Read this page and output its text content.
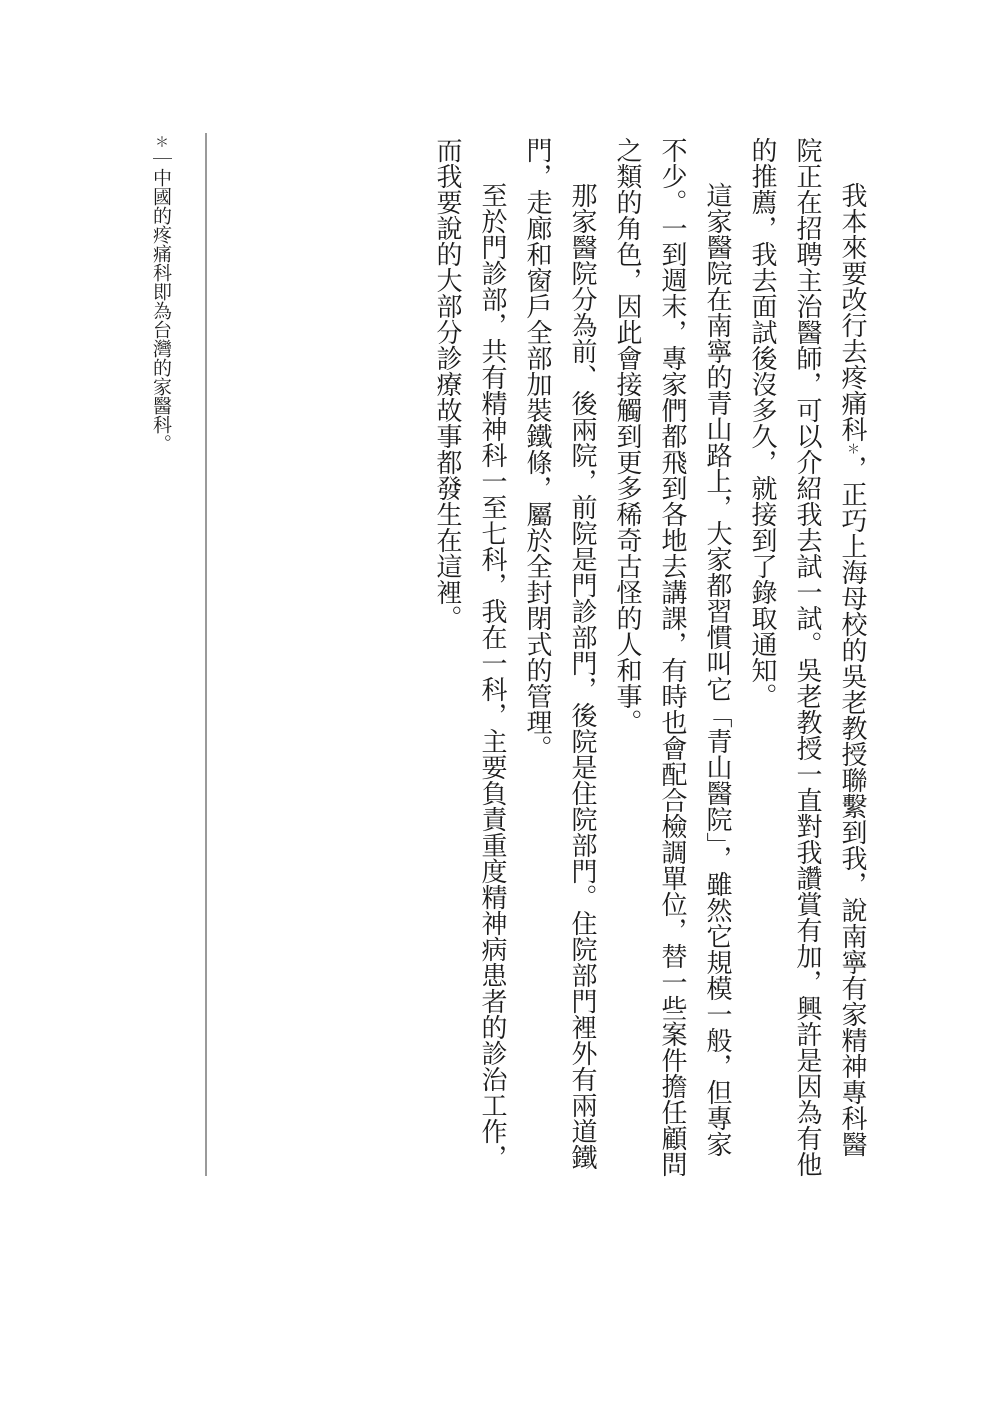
我本來要改行去疼痛科＊，正巧上海母校的吳老教授聯繫到我，說南寧有家精神專科醫院正在招聘主治醫師，可以介紹我去試一試。吳老教授一直對我讚賞有加，興許是因為有他的推薦，我去面試後沒多久，就接到了錄取通知。

這家醫院在南寧的青山路上，大家都習慣叫它「青山醫院」，雖然它規模一般，但專家不少。一到週末，專家們都飛到各地去講課，有時也會配合檢調單位，替一些案件擔任顧問之類的角色，因此會接觸到更多稀奇古怪的人和事。

那家醫院分為前、後兩院，前院是門診部門，後院是住院部門。住院部門裡外有兩道鐵門，走廊和窗戶全部加裝鐵條，屬於全封閉式的管理。

至於門診部，共有精神科一至七科，我在一科，主要負責重度精神病患者的診治工作，而我要說的大部分診療故事都發生在這裡。

＊｜中國的疼痛科即為台灣的家醫科。
